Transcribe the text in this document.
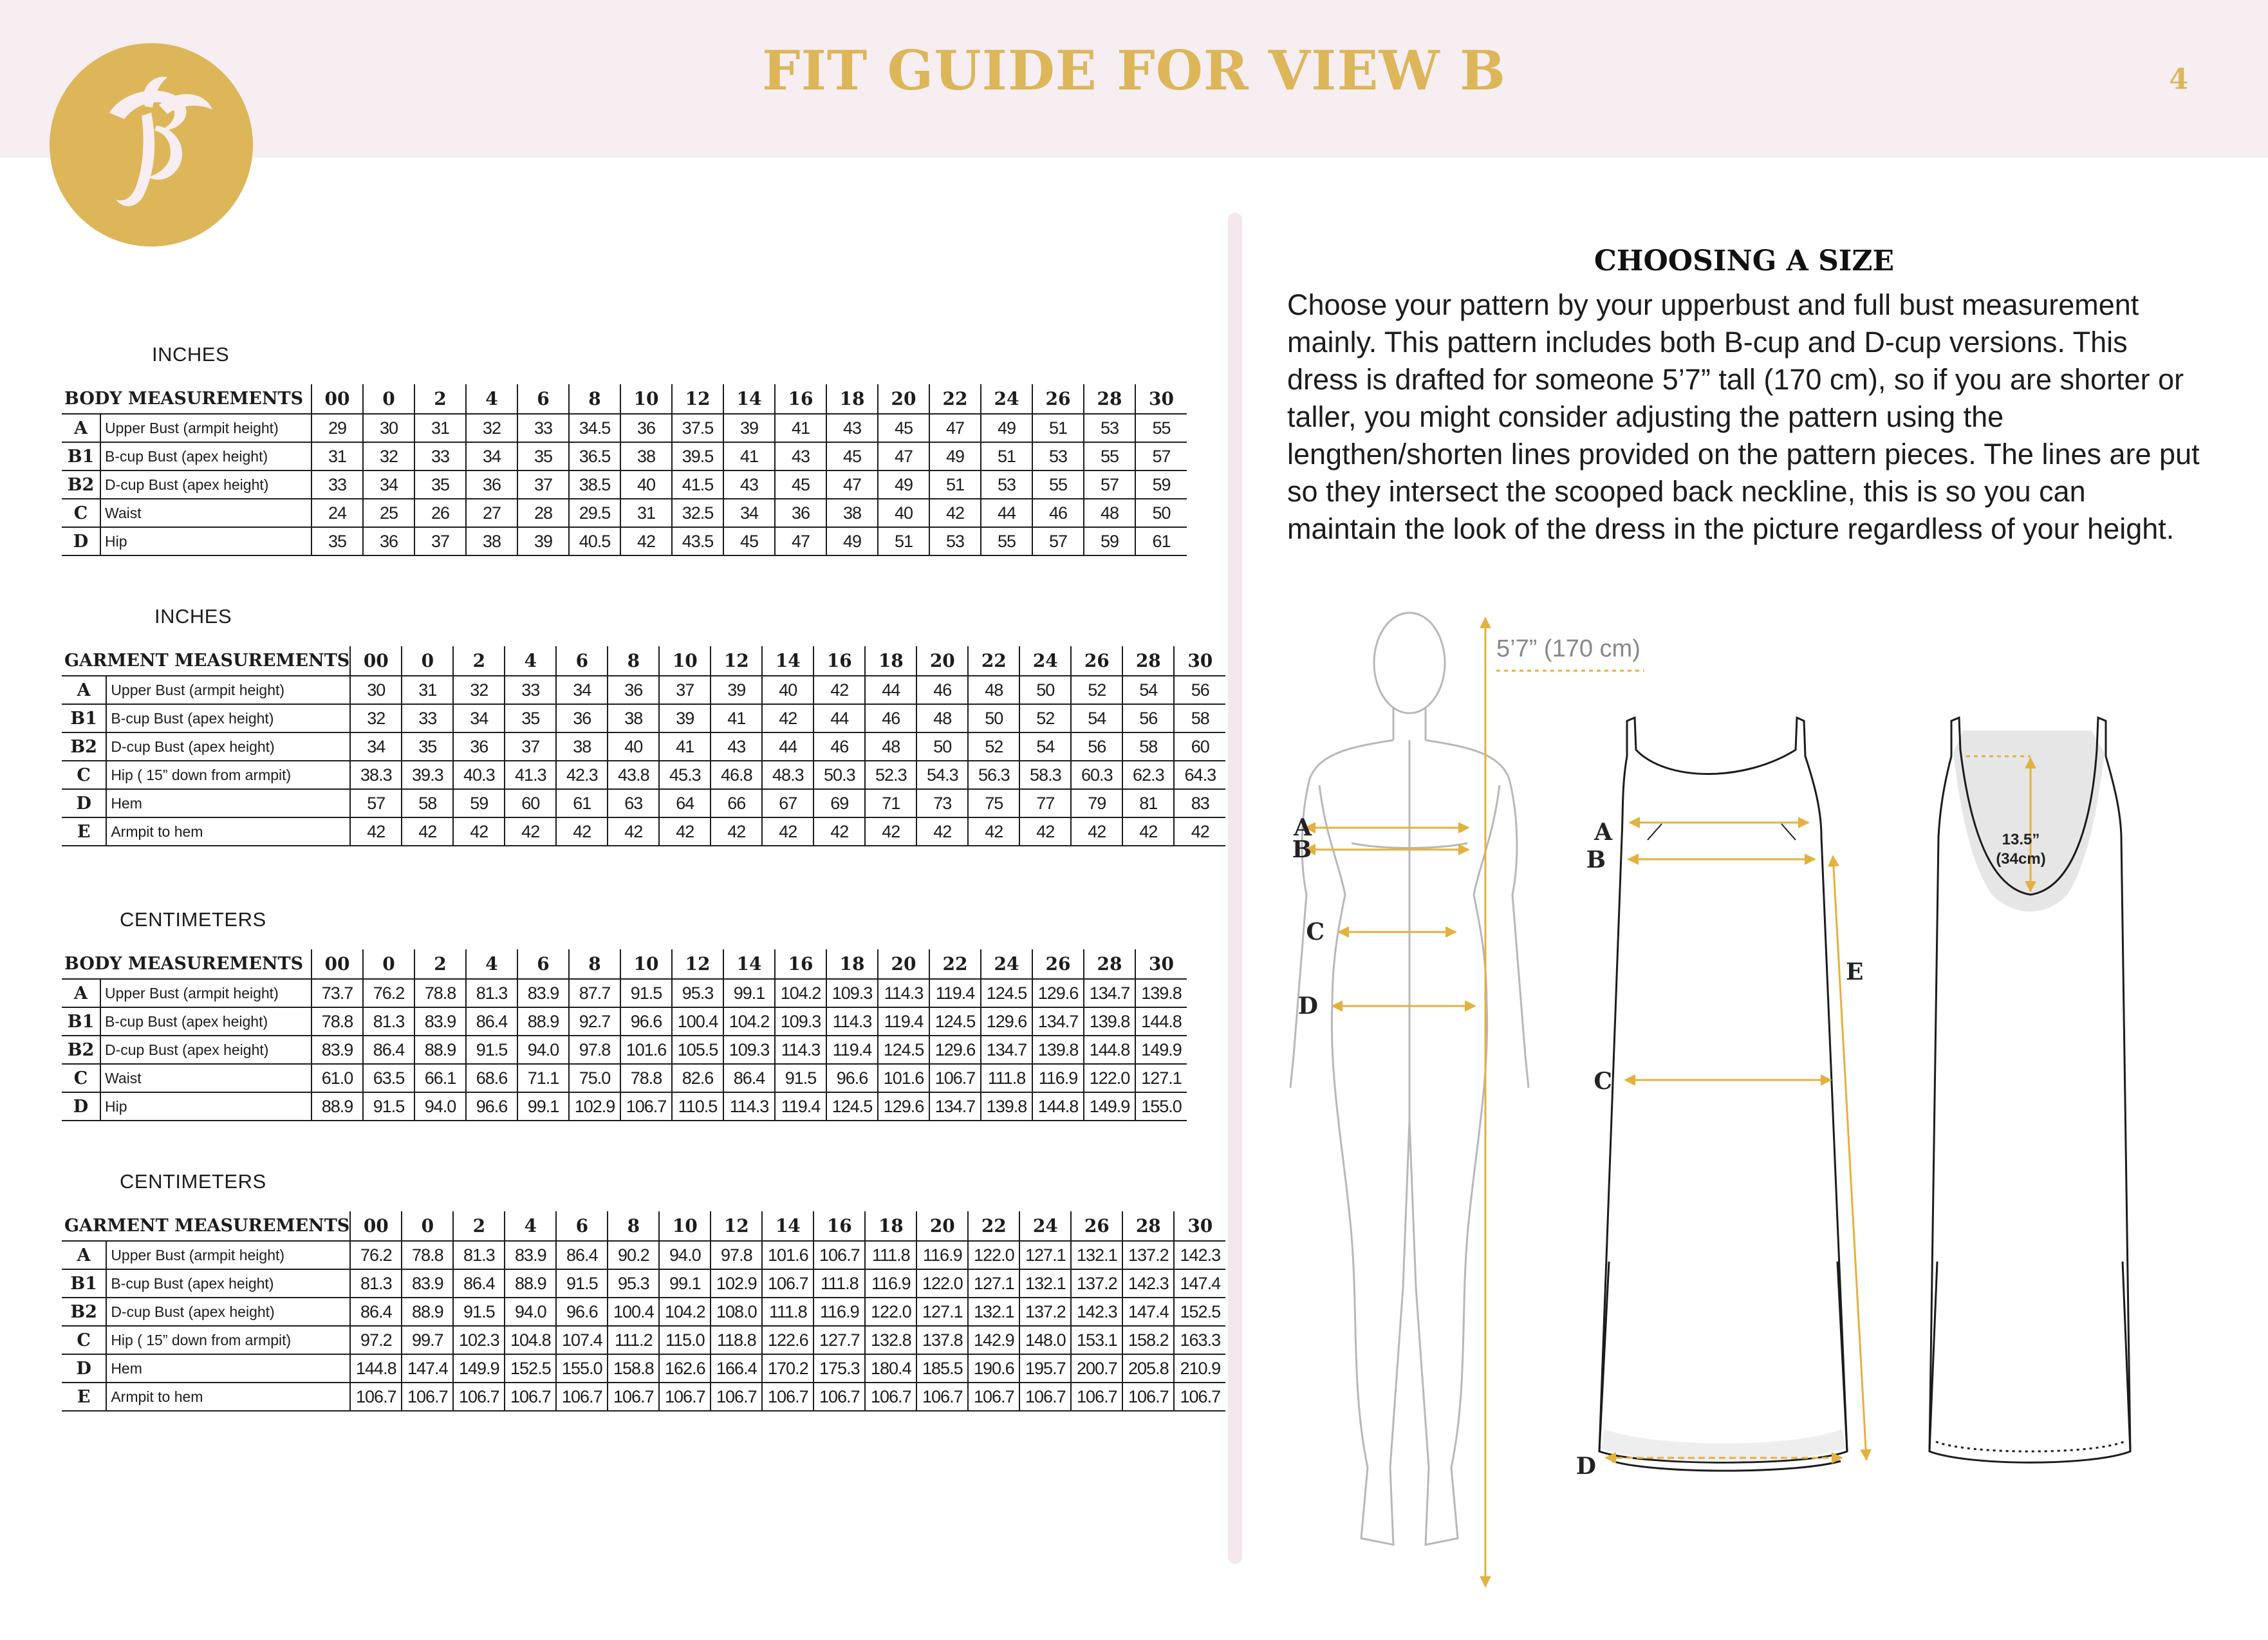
FIT GUIDE FOR VIEW B	4
INCHES
INCHES
CENTIMETERS
CENTIMETERS
BODY MEASUREMENTS		00	0	2	4	6	8	10	12	14	16	18	20	22	24	26	28	30
A	Upper Bust (armpit height)	29	30	31	32	33	34.5	36	37.5	39	41	43	45	47	49	51	53	55
B1	B-cup Bust (apex height)	31	32	33	34	35	36.5	38	39.5	41	43	45	47	49	51	53	55	57
B2	D-cup Bust (apex height)	33	34	35	36	37	38.5	40	41.5	43	45	47	49	51	53	55	57	59
C	Waist	24	25	26	27	28	29.5	31	32.5	34	36	38	40	42	44	46	48	50
D	Hip	35	36	37	38	39	40.5	42	43.5	45	47	49	51	53	55	57	59	61
GARMENT MEASUREMENTS		00	0	2	4	6	8	10	12	14	16	18	20	22	24	26	28	30
A	Upper Bust (armpit height)	30	31	32	33	34	36	37	39	40	42	44	46	48	50	52	54	56
B1	B-cup Bust (apex height)	32	33	34	35	36	38	39	41	42	44	46	48	50	52	54	56	58
B2	D-cup Bust (apex height)	34	35	36	37	38	40	41	43	44	46	48	50	52	54	56	58	60
C	Hip ( 15” down from armpit)	38.3	39.3	40.3	41.3	42.3	43.8	45.3	46.8	48.3	50.3	52.3	54.3	56.3	58.3	60.3	62.3	64.3
D	Hem	57	58	59	60	61	63	64	66	67	69	71	73	75	77	79	81	83
E	Armpit to hem	42	42	42	42	42	42	42	42	42	42	42	42	42	42	42	42	42
BODY MEASUREMENTS		00	0	2	4	6	8	10	12	14	16	18	20	22	24	26	28	30
A	Upper Bust (armpit height)	73.7	76.2	78.8	81.3	83.9	87.7	91.5	95.3	99.1	104.2	109.3	114.3	119.4	124.5	129.6	134.7	139.8
B1	B-cup Bust (apex height)	78.8	81.3	83.9	86.4	88.9	92.7	96.6	100.4	104.2	109.3	114.3	119.4	124.5	129.6	134.7	139.8	144.8
B2	D-cup Bust (apex height)	83.9	86.4	88.9	91.5	94.0	97.8	101.6	105.5	109.3	114.3	119.4	124.5	129.6	134.7	139.8	144.8	149.9
C	Waist	61.0	63.5	66.1	68.6	71.1	75.0	78.8	82.6	86.4	91.5	96.6	101.6	106.7	111.8	116.9	122.0	127.1
D	Hip	88.9	91.5	94.0	96.6	99.1	102.9	106.7	110.5	114.3	119.4	124.5	129.6	134.7	139.8	144.8	149.9	155.0
GARMENT MEASUREMENTS		00	0	2	4	6	8	10	12	14	16	18	20	22	24	26	28	30
A	Upper Bust (armpit height)	76.2	78.8	81.3	83.9	86.4	90.2	94.0	97.8	101.6	106.7	111.8	116.9	122.0	127.1	132.1	137.2	142.3
B1	B-cup Bust (apex height)	81.3	83.9	86.4	88.9	91.5	95.3	99.1	102.9	106.7	111.8	116.9	122.0	127.1	132.1	137.2	142.3	147.4
B2	D-cup Bust (apex height)	86.4	88.9	91.5	94.0	96.6	100.4	104.2	108.0	111.8	116.9	122.0	127.1	132.1	137.2	142.3	147.4	152.5
C	Hip ( 15” down from armpit)	97.2	99.7	102.3	104.8	107.4	111.2	115.0	118.8	122.6	127.7	132.8	137.8	142.9	148.0	153.1	158.2	163.3
D	Hem	144.8	147.4	149.9	152.5	155.0	158.8	162.6	166.4	170.2	175.3	180.4	185.5	190.6	195.7	200.7	205.8	210.9
E	Armpit to hem	106.7	106.7	106.7	106.7	106.7	106.7	106.7	106.7	106.7	106.7	106.7	106.7	106.7	106.7	106.7	106.7	106.7
CHOOSING A SIZE
Choose your pattern by your upperbust and full bust measurement mainly. This pattern includes both B-cup and D-cup versions. This dress is drafted for someone 5’7” tall (170 cm), so if you are shorter or taller, you might consider adjusting the pattern using the lengthen/shorten lines provided on the pattern pieces. The lines are put so they intersect the scooped back neckline, this is so you can maintain the look of the dress in the picture regardless of your height.
A
B
C
D
5’7” (170 cm)
A
B
C
D
E
13.5”
(34cm)
